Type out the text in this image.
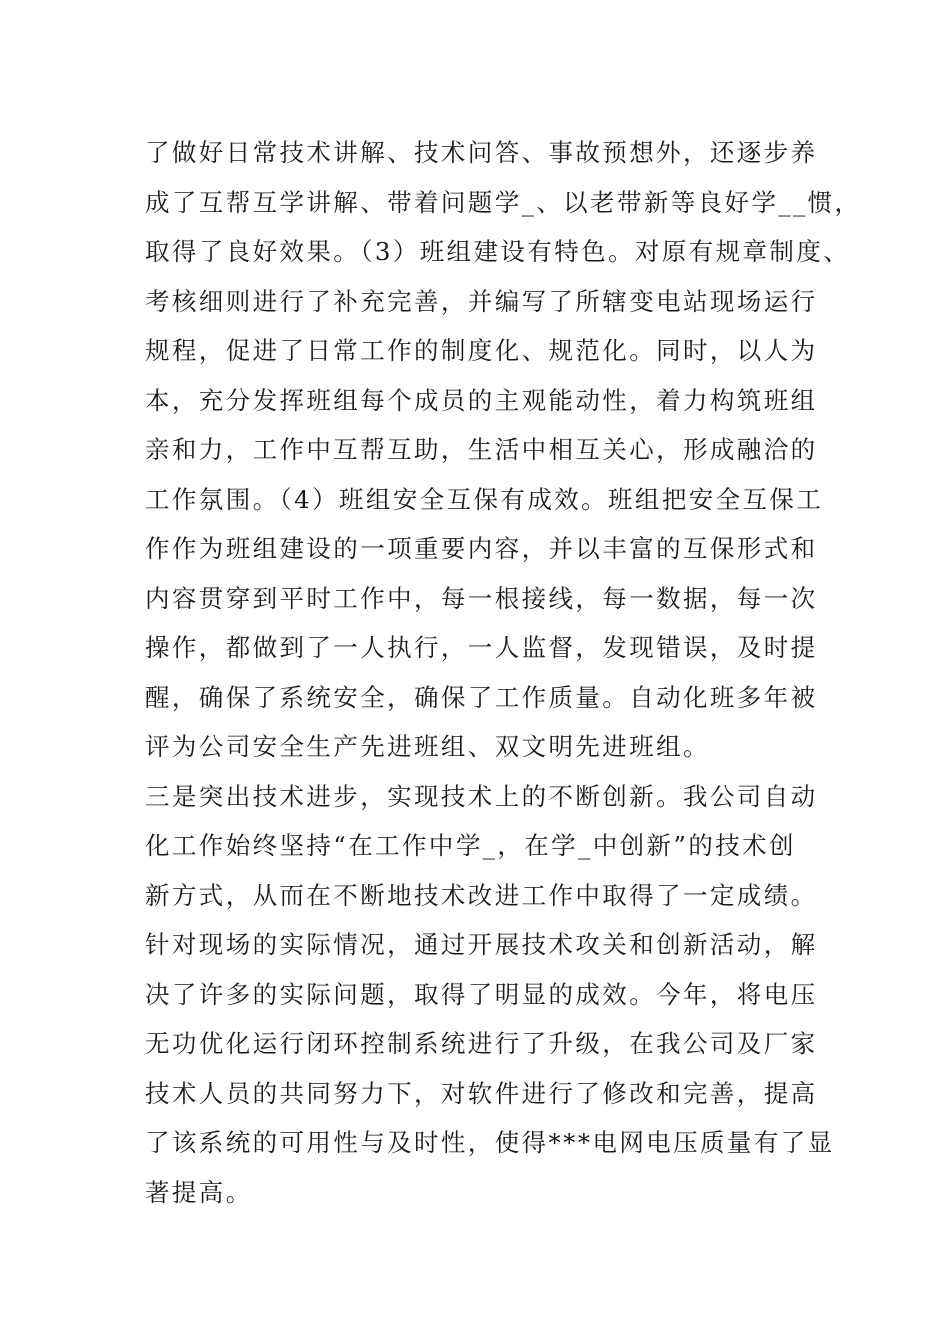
了做好日常技术讲解、技术问答、事故预想外，还逐步养
成了互帮互学讲解、带着问题学_、以老带新等良好学__惯，
取得了良好效果。（3）班组建设有特色。对原有规章制度、
考核细则进行了补充完善，并编写了所辖变电站现场运行
规程，促进了日常工作的制度化、规范化。同时，以人为
本，充分发挥班组每个成员的主观能动性，着力构筑班组
亲和力，工作中互帮互助，生活中相互关心，形成融洽的
工作氛围。（4）班组安全互保有成效。班组把安全互保工
作作为班组建设的一项重要内容，并以丰富的互保形式和
内容贯穿到平时工作中，每一根接线，每一数据，每一次
操作，都做到了一人执行，一人监督，发现错误，及时提
醒，确保了系统安全，确保了工作质量。自动化班多年被
评为公司安全生产先进班组、双文明先进班组。
三是突出技术进步，实现技术上的不断创新。我公司自动
化工作始终坚持“在工作中学_，在学_中创新”的技术创
新方式，从而在不断地技术改进工作中取得了一定成绩。
针对现场的实际情况，通过开展技术攻关和创新活动，解
决了许多的实际问题，取得了明显的成效。今年，将电压
无功优化运行闭环控制系统进行了升级，在我公司及厂家
技术人员的共同努力下，对软件进行了修改和完善，提高
了该系统的可用性与及时性，使得***电网电压质量有了显
著提高。
